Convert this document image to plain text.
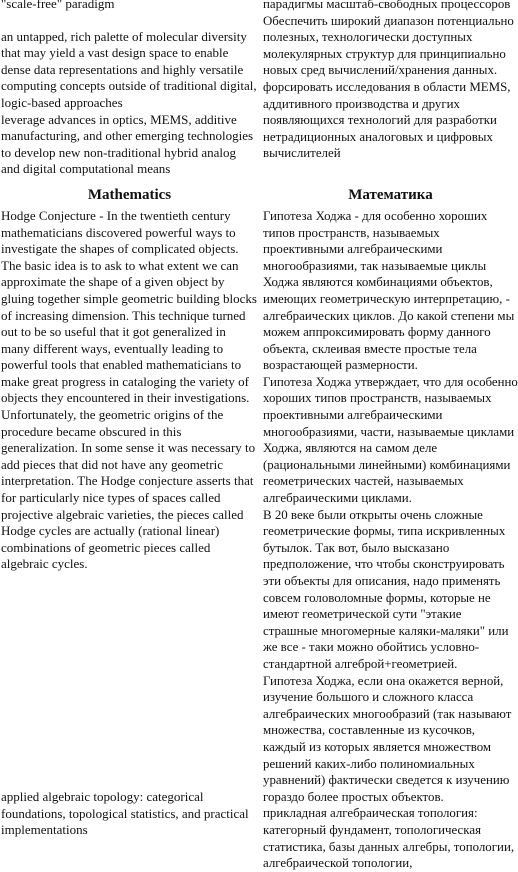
"scale-free" paradigm

an untapped, rich palette of molecular diversity that may yield a vast design space to enable dense data representations and highly versatile computing concepts outside of traditional digital, logic-based approaches

leverage advances in optics, MEMS, additive manufacturing, and other emerging technologies to develop new non-traditional hybrid analog and digital computational means

парадигмы масштаб-свободных процессоров

Обеспечить широкий диапазон потенциально полезных, технологически доступных молекулярных структур для принципиально новых сред вычислений/хранения данных.

форсировать исследования в области MEMS, аддитивного производства и других появляющихся технологий для разработки нетрадиционных аналоговых и цифровых вычислителей

Mathematics	Математика

Hodge Conjecture - In the twentieth century mathematicians discovered powerful ways to investigate the shapes of complicated objects. The basic idea is to ask to what extent we can approximate the shape of a given object by gluing together simple geometric building blocks of increasing dimension. This technique turned out to be so useful that it got generalized in many different ways, eventually leading to powerful tools that enabled mathematicians to make great progress in cataloging the variety of objects they encountered in their investigations. Unfortunately, the geometric origins of the procedure became obscured in this generalization. In some sense it was necessary to add pieces that did not have any geometric interpretation. The Hodge conjecture asserts that for particularly nice types of spaces called projective algebraic varieties, the pieces called Hodge cycles are actually (rational linear) combinations of geometric pieces called algebraic cycles.

applied algebraic topology: categorical foundations, topological statistics, and practical implementations

Гипотеза Ходжа - для особенно хороших типов пространств, называемых проективными алгебраическими многообразиями, так называемые циклы Ходжа являются комбинациями объектов, имеющих геометрическую интерпретацию, - алгебраических циклов. До какой степени мы можем аппроксимировать форму данного объекта, склеивая вместе простые тела возрастающей размерности.

Гипотеза Ходжа утверждает, что для особенно хороших типов пространств, называемых проективными алгебраическими многообразиями, части, называемые циклами Ходжа, являются на самом деле (рациональными линейными) комбинациями геометрических частей, называемых алгебраическими циклами.

В 20 веке были открыты очень сложные геометрические формы, типа искривленных бутылок. Так вот, было высказано предположение, что чтобы сконструировать эти объекты для описания, надо применять совсем головоломные формы, которые не имеют геометрической сути "этакие страшные многомерные каляки-маляки" или же все - таки можно обойтись условно-стандартной алгеброй+геометрией.

Гипотеза Ходжа, если она окажется верной, изучение большого и сложного класса алгебраических многообразий (так называют множества, составленные из кусочков, каждый из которых является множеством решений каких-либо полиномиальных уравнений) фактически сведется к изучению гораздо более простых объектов.

прикладная алгебраическая топология: категорный фундамент, топологическая статистика, базы данных алгебры, топологии, алгебраической топологии,
